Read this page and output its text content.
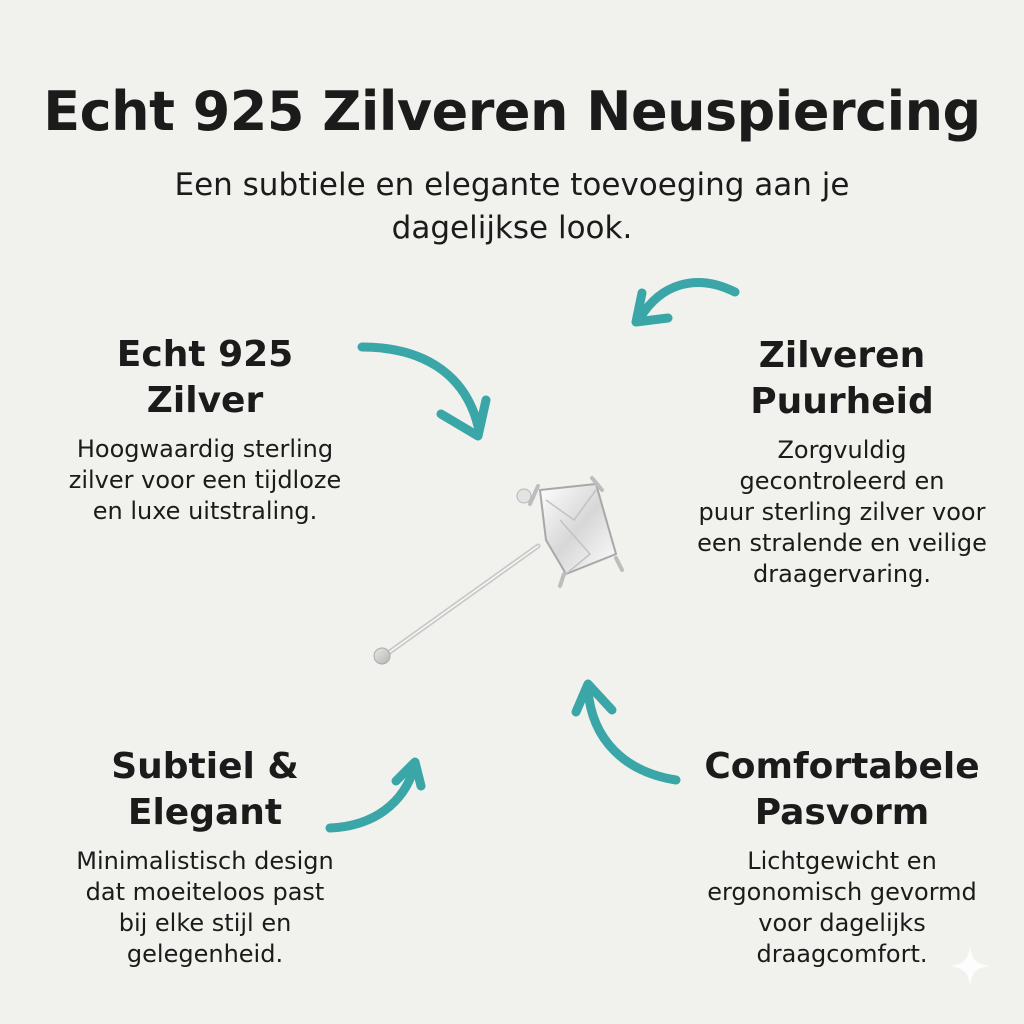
Echt 925 Zilveren Neuspiercing
Een subtiele en elegante toevoeging aan je dagelijkse look.
Echt 925
Zilver

Hoogwaardig sterling
zilver voor een tijdloze
en luxe uitstraling.

Zilveren
Puurheid

Zorgvuldig
gecontroleerd en
puur sterling zilver voor
een stralende en veilige
draagervaring.

Subtiel &
Elegant

Minimalistisch design
dat moeiteloos past
bij elke stijl en
gelegenheid.

Comfortabele
Pasvorm

Lichtgewicht en
ergonomisch gevormd
voor dagelijks
draagcomfort.
